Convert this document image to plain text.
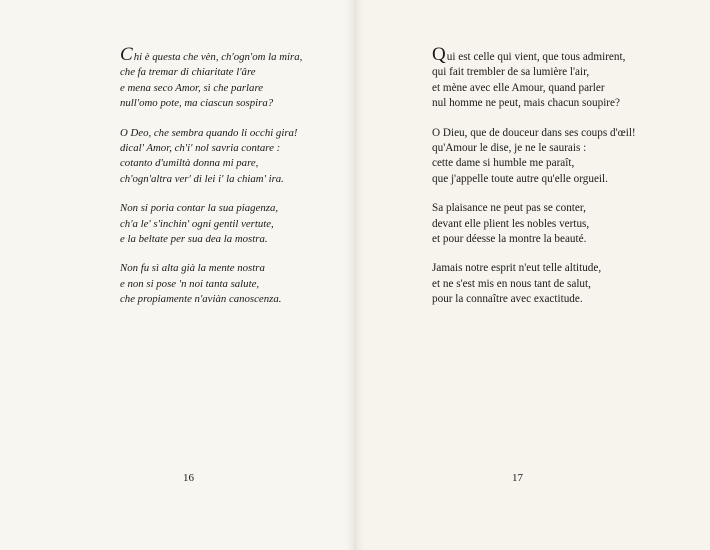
Chi è questa che vèn, ch'ogn'om la mira,
che fa tremar di chiaritate l'âre
e mena seco Amor, sì che parlare
null'omo pote, ma ciascun sospira?
O Deo, che sembra quando li occhi gira!
dical' Amor, ch'i' nol savria contare :
cotanto d'umiltà donna mi pare,
ch'ogn'altra ver' di lei i' la chiam' ira.
Non si poria contar la sua piagenza,
ch'a le' s'inchin' ogni gentil vertute,
e la beltate per sua dea la mostra.
Non fu sì alta già la mente nostra
e non si pose 'n noi tanta salute,
che propiamente n'aviàn canoscenza.
Qui est celle qui vient, que tous admirent,
qui fait trembler de sa lumière l'air,
et mène avec elle Amour, quand parler
nul homme ne peut, mais chacun soupire?
O Dieu, que de douceur dans ses coups d'œil!
qu'Amour le dise, je ne le saurais :
cette dame si humble me paraît,
que j'appelle toute autre qu'elle orgueil.
Sa plaisance ne peut pas se conter,
devant elle plient les nobles vertus,
et pour déesse la montre la beauté.
Jamais notre esprit n'eut telle altitude,
et ne s'est mis en nous tant de salut,
pour la connaître avec exactitude.
16	17
